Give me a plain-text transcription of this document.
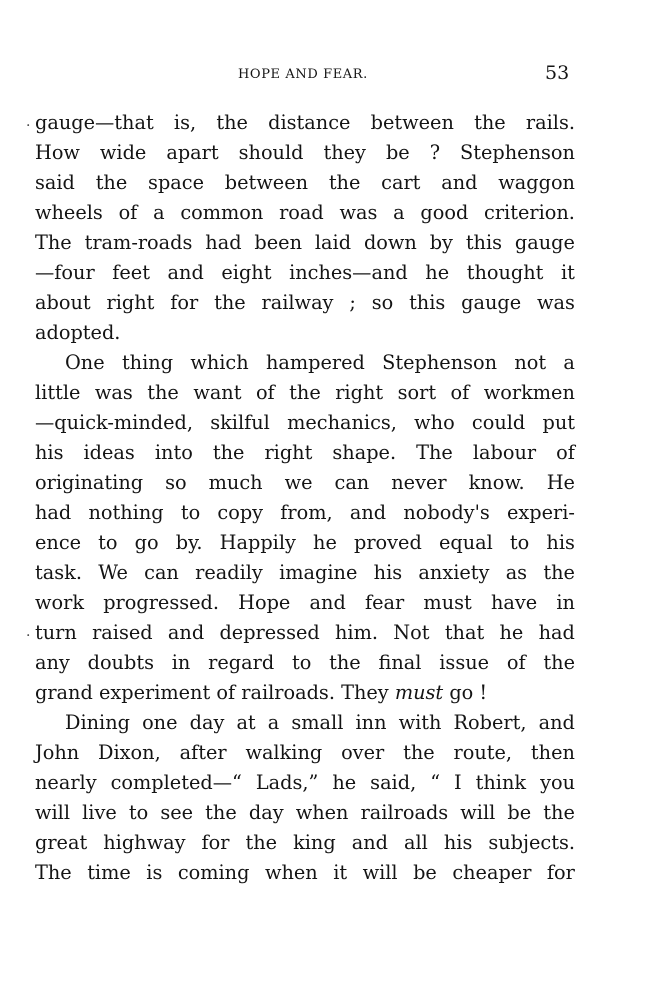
HOPE AND FEAR.	53
·
·
gauge—that is, the distance between the rails.
How wide apart should they be ? Stephenson
said the space between the cart and waggon
wheels of a common road was a good criterion.
The tram-roads had been laid down by this gauge
—four feet and eight inches—and he thought it
about right for the railway ; so this gauge was
adopted.
One thing which hampered Stephenson not a
little was the want of the right sort of workmen
—quick-minded, skilful mechanics, who could put
his ideas into the right shape. The labour of
originating so much we can never know. He
had nothing to copy from, and nobody's experi-
ence to go by. Happily he proved equal to his
task. We can readily imagine his anxiety as the
work progressed. Hope and fear must have in
turn raised and depressed him. Not that he had
any doubts in regard to the final issue of the
grand experiment of railroads. They
must
go !
Dining one day at a small inn with Robert, and
John Dixon, after walking over the route, then
nearly completed—“ Lads,” he said, “ I think you
will live to see the day when railroads will be the
great highway for the king and all his subjects.
The time is coming when it will be cheaper for
